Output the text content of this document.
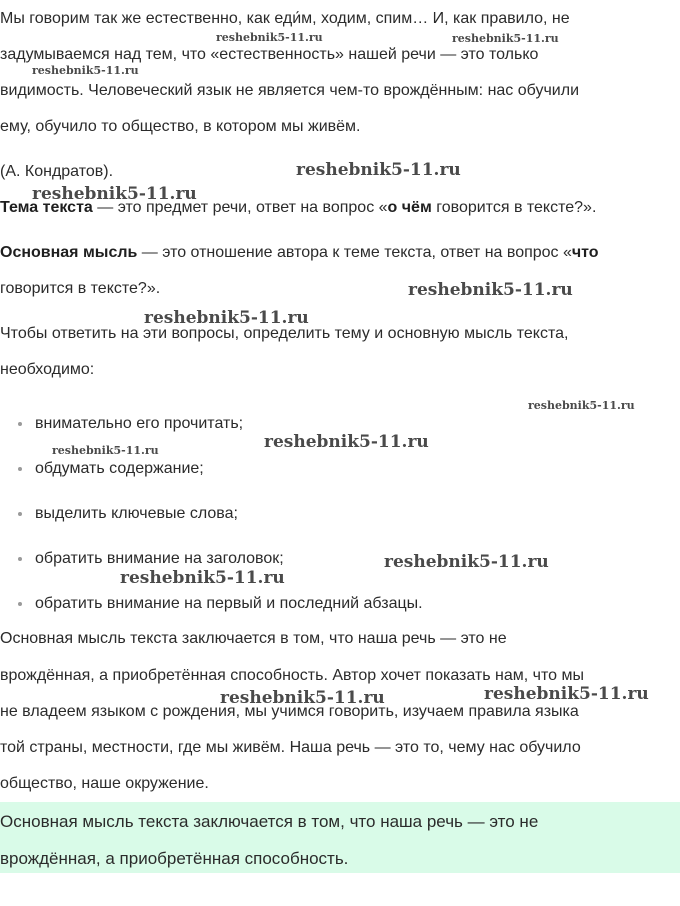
Мы говорим так же естественно, как еди́м, ходим, спим… И, как правило, не
задумываемся над тем, что «естественность» нашей речи — это только
видимость. Человеческий язык не является чем-то врождённым: нас обучили
ему, обучило то общество, в котором мы живём.
(А. Кондратов).
Тема текста — это предмет речи, ответ на вопрос «о чём говорится в тексте?».
Основная мысль — это отношение автора к теме текста, ответ на вопрос «что
говорится в тексте?».
Чтобы ответить на эти вопросы, определить тему и основную мысль текста,
необходимо:
внимательно его прочитать;
обдумать содержание;
выделить ключевые слова;
обратить внимание на заголовок;
обратить внимание на первый и последний абзацы.
Основная мысль текста заключается в том, что наша речь — это не
врождённая, а приобретённая способность. Автор хочет показать нам, что мы
не владеем языком с рождения, мы учимся говорить, изучаем правила языка
той страны, местности, где мы живём. Наша речь — это то, чему нас обучило
общество, наше окружение.
Основная мысль текста заключается в том, что наша речь — это не
врождённая, а приобретённая способность.
reshebnik5-11.ru	reshebnik5-11.ru
reshebnik5-11.ru
reshebnik5-11.ru
reshebnik5-11.ru
reshebnik5-11.ru
reshebnik5-11.ru
reshebnik5-11.ru
reshebnik5-11.ru
reshebnik5-11.ru
reshebnik5-11.ru
reshebnik5-11.ru
reshebnik5-11.ru
reshebnik5-11.ru
